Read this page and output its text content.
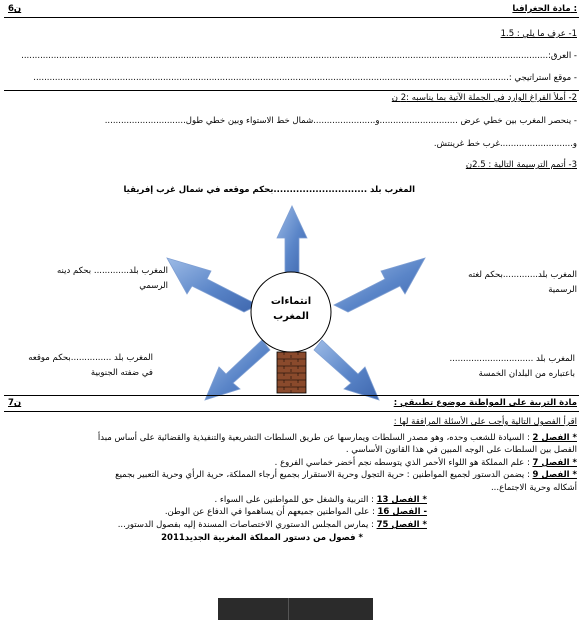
مادة الجغرافيا :
6ن
1- عرف ما يلي : 1.5
- العرق:...................................................................................................................................................................................................
- موقع استراتيجي :................................................................................................................................................................................
2- أملأ الفراغ الوارد في الجملة الآتية بما يناسبه :2 ن
- ينحصر المغرب بين خطي عرض .............................و.......................شمال خط الاستواء وبين خطي طول..............................
و...........................غرب خط غرينتش.
3- أتمم الترسيمة التالية : 2.5ن
المغرب بلد .............................بحكم موقعه في شمال غرب إفريقيا
انتماءات
المغرب
المغرب بلد............. بحكم دينه
الرسمي
المغرب بلد ...............بحكم موقعه
في ضفته الجنوبية
المغرب بلد.............بحكم لغته
الرسمية
المغرب بلد ...............................
باعتباره من البلدان الخمسة
مادة التربية على المواطنة موضوع تطبيقي :
7ن
اقرأ الفصول التالية وأجب على الأسئلة المرافقة لها :
* الفصل 2 : السيادة للشعب وحده، وهو مصدر السلطات ويمارسها عن طريق السلطات التشريعية والتنفيذية والقضائية على أساس مبدأ
الفصل بين السلطات على الوجه المبين في هذا القانون الأساسي .
* الفصل 7 : علم المملكة هو اللواء الأحمر الذي يتوسطه نجم أخضر خماسي الفروع .
* الفصل 9 : يضمن الدستور لجميع المواطنين : حرية التجول وحرية الاستقرار بجميع أرجاء المملكة، حرية الرأي وحرية التعبير بجميع
أشكاله وحرية الاجتماع...
* الفصل 13 : التربية والشغل حق للمواطنين على السواء .
- الفصل 16 : على المواطنين جميعهم أن يساهموا في الدفاع عن الوطن.
* الفصل 75 : يمارس المجلس الدستوري الاختصاصات المسندة إليه بفصول الدستور...
* فصول من دستور المملكة المغربية الجديد2011
